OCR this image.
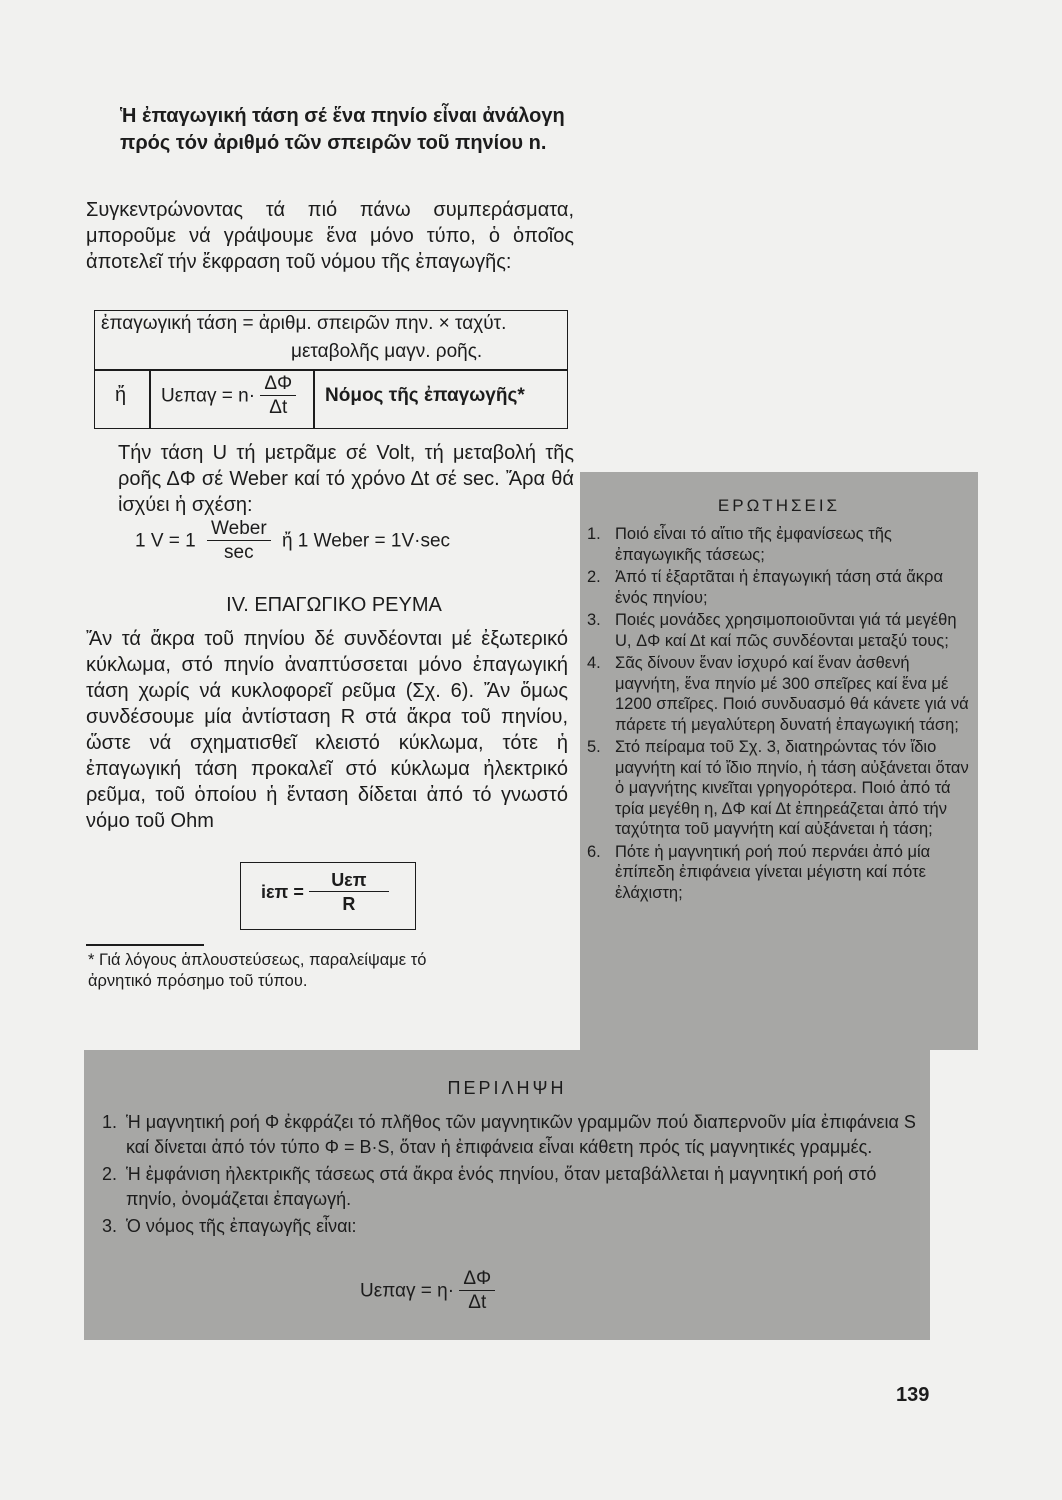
Ἡ ἐπαγωγική τάση σέ ἕνα πηνίο εἶναι ἀνάλογη πρός τόν ἀριθμό τῶν σπειρῶν τοῦ πηνίου n.

Συγκεντρώνοντας τά πιό πάνω συμπεράσματα, μποροῦμε νά γράψουμε ἕνα μόνο τύπο, ὁ ὁποῖος ἀποτελεῖ τήν ἔκφραση τοῦ νόμου τῆς ἐπαγωγῆς:

ἐπαγωγική τάση = ἀριθμ. σπειρῶν πην. × ταχύτ.
μεταβολῆς μαγν. ροῆς.
ἤ $U\varepsilon\pi\alpha\gamma = n\cdot \frac{\Delta\Phi}{\Delta t}$ Νόμος τῆς ἐπαγωγῆς*

Τήν τάση U τή μετρᾶμε σέ Volt, τή μεταβολή τῆς ροῆς ΔΦ σέ Weber καί τό χρόνο Δt σέ sec. Ἄρα θά ἰσχύει ἡ σχέση:

1 $V = 1 \frac{\text{Weber}}{\sec}$ ἤ 1 Weber = 1V·sec
IV. ΕΠΑΓΩΓΙΚΟ ΡΕΥΜΑ

Ἄν τά ἄκρα τοῦ πηνίου δέ συνδέονται μέ ἐξωτερικό κύκλωμα, στό πηνίο ἀναπτύσσεται μόνο ἐπαγωγική τάση χωρίς νά κυκλοφορεῖ ρεῦμα (Σχ. 6). Ἄν ὅμως συνδέσουμε μία ἀντίσταση R στά ἄκρα τοῦ πηνίου, ὥστε νά σχηματισθεῖ κλειστό κύκλωμα, τότε ἡ ἐπαγωγική τάση προκαλεῖ στό κύκλωμα ἠλεκτρικό ρεῦμα, τοῦ ὁποίου ἡ ἔνταση δίδεται ἀπό τό γνωστό νόμο τοῦ Ohm

$i\varepsilon\pi = \frac{\text{Uεπ}}{R}$

* Γιά λόγους ἁπλουστεύσεως, παραλείψαμε τό ἀρνητικό πρόσημο τοῦ τύπου.

ΕΡΩΤΗΣΕΙΣ
1. Ποιό εἶναι τό αἴτιο τῆς ἐμφανίσεως τῆς ἐπαγωγικῆς τάσεως;
2. Ἀπό τί ἐξαρτᾶται ἡ ἐπαγωγική τάση στά ἄκρα ἑνός πηνίου;
3. Ποιές μονάδες χρησιμοποιοῦνται γιά τά μεγέθη U, ΔΦ καί Δt καί πῶς συνδέονται μεταξύ τους;
4. Σᾶς δίνουν ἕναν ἰσχυρό καί ἕναν ἀσθενή μαγνήτη, ἕνα πηνίο μέ 300 σπεῖρες καί ἕνα μέ 1200 σπεῖρες. Ποιό συνδυασμό θά κάνετε γιά νά πάρετε τή μεγαλύτερη δυνατή ἐπαγωγική τάση;
5. Στό πείραμα τοῦ Σχ. 3, διατηρώντας τόν ἴδιο μαγνήτη καί τό ἴδιο πηνίο, ἡ τάση αὐξάνεται ὅταν ὁ μαγνήτης κινεῖται γρηγορότερα. Ποιό ἀπό τά τρία μεγέθη η, ΔΦ καί Δt ἐπηρεάζεται ἀπό τήν ταχύτητα τοῦ μαγνήτη καί αὐξάνεται ἡ τάση;
6. Πότε ἡ μαγνητική ροή πού περνάει ἀπό μία ἐπίπεδη ἐπιφάνεια γίνεται μέγιστη καί πότε ἐλάχιστη;
ΠΕΡΙΛΗΨΗ
1. Ἡ μαγνητική ροή Φ ἐκφράζει τό πλῆθος τῶν μαγνητικῶν γραμμῶν πού διαπερνοῦν μία ἐπιφάνεια S καί δίνεται ἀπό τόν τύπο Φ = B·S, ὅταν ἡ ἐπιφάνεια εἶναι κάθετη πρός τίς μαγνητικές γραμμές.
2. Ἡ ἐμφάνιση ἠλεκτρικῆς τάσεως στά ἄκρα ἑνός πηνίου, ὅταν μεταβάλλεται ἡ μαγνητική ροή στό πηνίο, ὀνομάζεται ἐπαγωγή.
3. Ὁ νόμος τῆς ἐπαγωγῆς εἶναι:
$U\varepsilon\pi\alpha\gamma = \eta\cdot \frac{\Delta\Phi}{\Delta t}$
139
